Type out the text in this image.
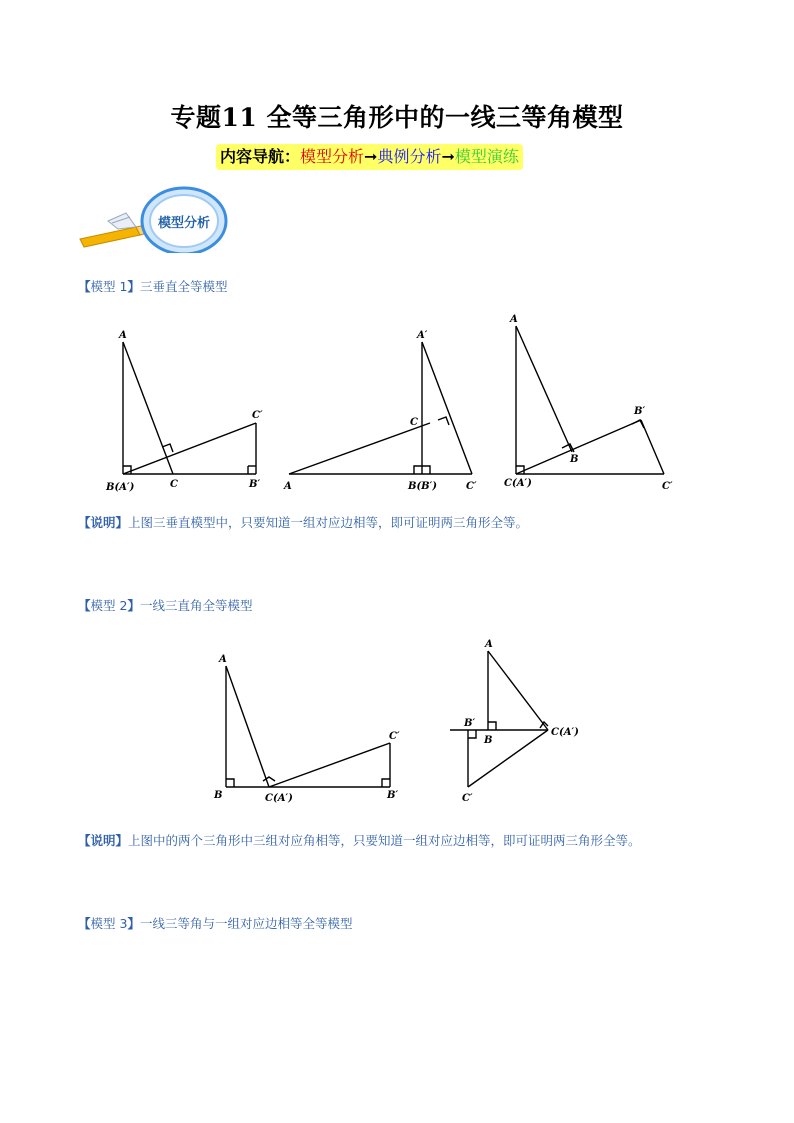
专题11 全等三角形中的一线三等角模型
内容导航：模型分析➞典例分析➞模型演练
模型分析
【模型 1】三垂直全等模型
A
B(A′)	C
C′
B′
A′
C
A	B(B′)	C′
A
B′
B
C(A′)	C′
【说明】上图三垂直模型中，只要知道一组对应边相等，即可证明两三角形全等。
【模型 2】一线三直角全等模型
A
B	C(A′)
C′
B′
A
B′
B
C(A′)
C′
【说明】上图中的两个三角形中三组对应角相等，只要知道一组对应边相等，即可证明两三角形全等。
【模型 3】一线三等角与一组对应边相等全等模型
